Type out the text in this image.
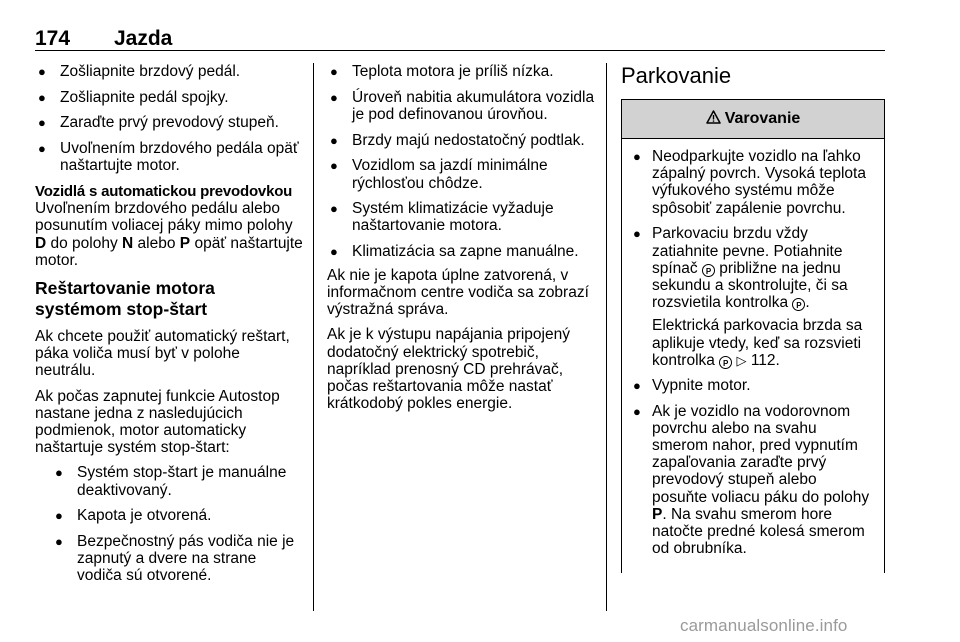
174 Jazda
● Zošliapnite brzdový pedál.
● Zošliapnite pedál spojky.
● Zaraďte prvý prevodový stupeň.
● Uvoľnením brzdového pedála opäť naštartujte motor.
Vozidlá s automatickou prevodovkou

Uvoľnením brzdového pedálu alebo posunutím voliacej páky mimo polohy D do polohy N alebo P opäť naštartujte motor.

Reštartovanie motora systémom stop-štart

Ak chcete použiť automatický reštart, páka voliča musí byť v polohe neutrálu.

Ak počas zapnutej funkcie Autostop nastane jedna z nasledujúcich podmienok, motor automaticky naštartuje systém stop-štart:

● Systém stop-štart je manuálne deaktivovaný.
● Kapota je otvorená.
● Bezpečnostný pás vodiča nie je zapnutý a dvere na strane vodiča sú otvorené.
● Teplota motora je príliš nízka.
● Úroveň nabitia akumulátora vozidla je pod definovanou úrovňou.
● Brzdy majú nedostatočný podtlak.
● Vozidlom sa jazdí minimálne rýchlosťou chôdze.
● Systém klimatizácie vyžaduje naštartovanie motora.
● Klimatizácia sa zapne manuálne.

Ak nie je kapota úplne zatvorená, v informačnom centre vodiča sa zobrazí výstražná správa.

Ak je k výstupu napájania pripojený dodatočný elektrický spotrebič, napríklad prenosný CD prehrávač, počas reštartovania môže nastať krátkodobý pokles energie.

Parkovanie
Varovanie
● Neodparkujte vozidlo na ľahko zápalný povrch. Vysoká teplota výfukového systému môže spôsobiť zapálenie povrchu.
● Parkovaciu brzdu vždy zatiahnite pevne. Potiahnite spínač P približne na jednu sekundu a skontrolujte, či sa rozsvietila kontrolka P .
Elektrická parkovacia brzda sa aplikuje vtedy, keď sa rozsvieti kontrolka P ▷ 112.
● Vypnite motor.
● Ak je vozidlo na vodorovnom povrchu alebo na svahu smerom nahor, pred vypnutím zapaľovania zaraďte prvý prevodový stupeň alebo posuňte voliacu páku do polohy P. Na svahu smerom hore natočte predné kolesá smerom od obrubníka.
carmanualsonline.info
